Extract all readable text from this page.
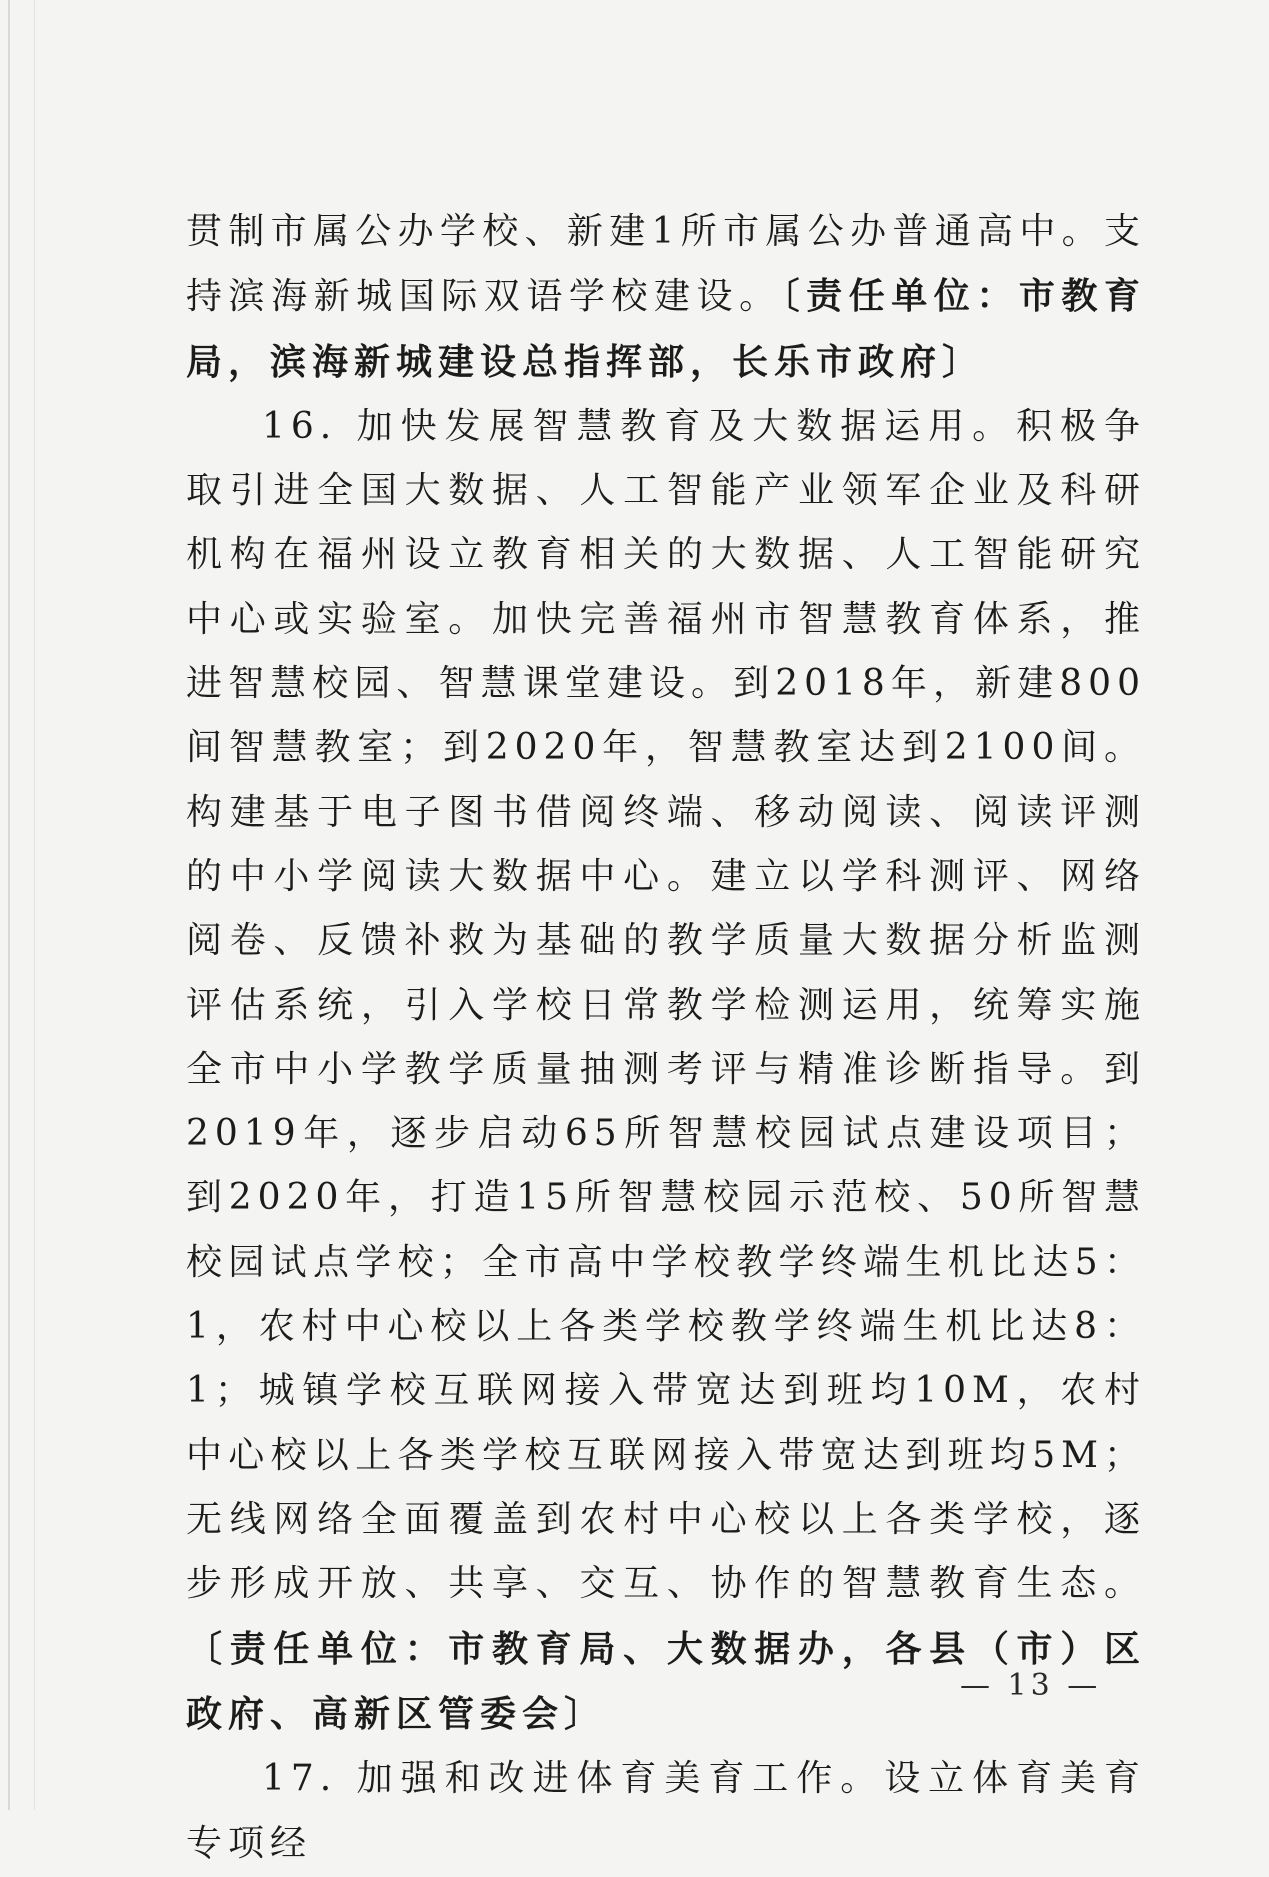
贯制市属公办学校、新建1所市属公办普通高中。支持滨海新城国际双语学校建设。〔责任单位：市教育局，滨海新城建设总指挥部，长乐市政府〕

16. 加快发展智慧教育及大数据运用。积极争取引进全国大数据、人工智能产业领军企业及科研机构在福州设立教育相关的大数据、人工智能研究中心或实验室。加快完善福州市智慧教育体系，推进智慧校园、智慧课堂建设。到2018年，新建800间智慧教室；到2020年，智慧教室达到2100间。构建基于电子图书借阅终端、移动阅读、阅读评测的中小学阅读大数据中心。建立以学科测评、网络阅卷、反馈补救为基础的教学质量大数据分析监测评估系统，引入学校日常教学检测运用，统筹实施全市中小学教学质量抽测考评与精准诊断指导。到2019年，逐步启动65所智慧校园试点建设项目；到2020年，打造15所智慧校园示范校、50所智慧校园试点学校；全市高中学校教学终端生机比达5：1，农村中心校以上各类学校教学终端生机比达8：1；城镇学校互联网接入带宽达到班均10M，农村中心校以上各类学校互联网接入带宽达到班均5M；无线网络全面覆盖到农村中心校以上各类学校，逐步形成开放、共享、交互、协作的智慧教育生态。〔责任单位：市教育局、大数据办，各县（市）区政府、高新区管委会〕

17. 加强和改进体育美育工作。设立体育美育专项经

— 13 —
